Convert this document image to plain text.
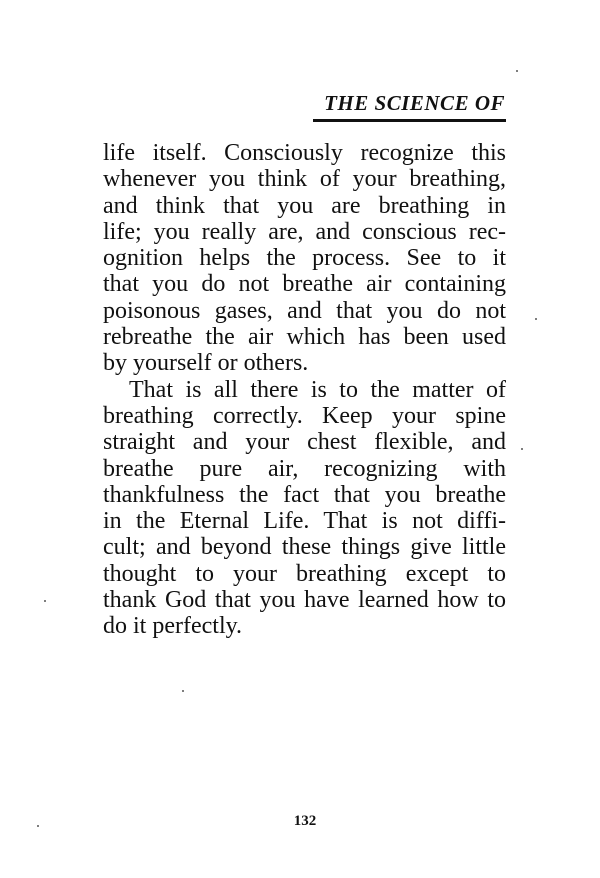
THE SCIENCE OF
life itself. Consciously recognize this
whenever you think of your breathing,
and think that you are breathing in
life; you really are, and conscious rec-
ognition helps the process. See to it
that you do not breathe air containing
poisonous gases, and that you do not
rebreathe the air which has been used
by yourself or others.
That is all there is to the matter of
breathing correctly. Keep your spine
straight and your chest flexible, and
breathe pure air, recognizing with
thankfulness the fact that you breathe
in the Eternal Life. That is not diffi-
cult; and beyond these things give little
thought to your breathing except to
thank God that you have learned how to
do it perfectly.
132
